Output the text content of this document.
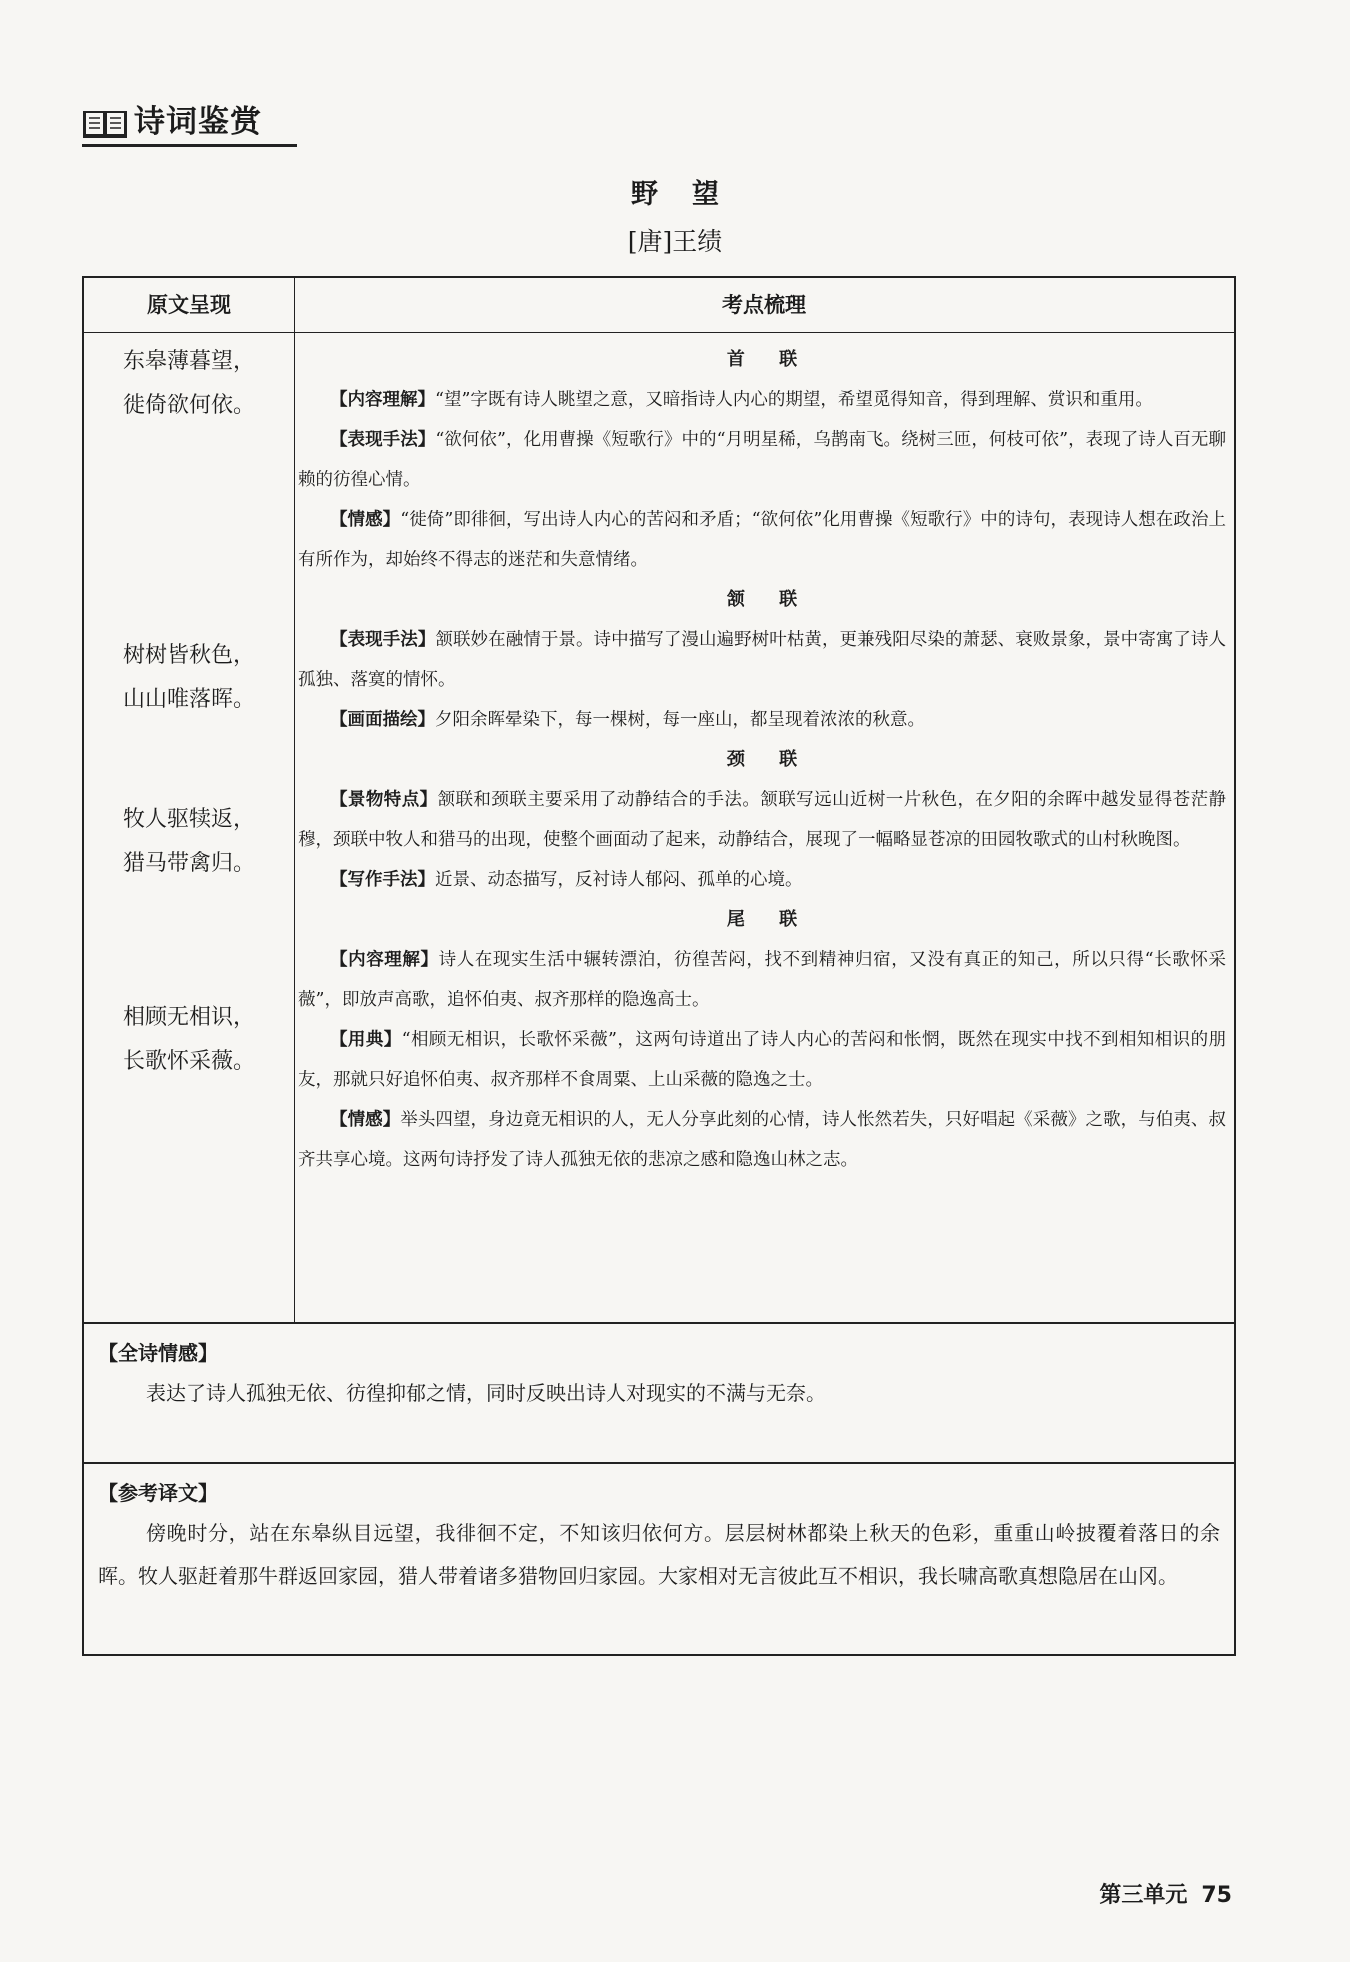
诗词鉴赏
野望
[唐]王绩
原文呈现	考点梳理
东皋薄暮望，
徙倚欲何依。
树树皆秋色，
山山唯落晖。
牧人驱犊返，
猎马带禽归。
相顾无相识，
长歌怀采薇。
首 联

【内容理解】“望”字既有诗人眺望之意，又暗指诗人内心的期望，希望觅得知音，得到理解、赏识和重用。

【表现手法】“欲何依”，化用曹操《短歌行》中的“月明星稀，乌鹊南飞。绕树三匝，何枝可依”，表现了诗人百无聊赖的彷徨心情。

【情感】“徙倚”即徘徊，写出诗人内心的苦闷和矛盾；“欲何依”化用曹操《短歌行》中的诗句，表现诗人想在政治上有所作为，却始终不得志的迷茫和失意情绪。

颔 联

【表现手法】颔联妙在融情于景。诗中描写了漫山遍野树叶枯黄，更兼残阳尽染的萧瑟、衰败景象，景中寄寓了诗人孤独、落寞的情怀。

【画面描绘】夕阳余晖晕染下，每一棵树，每一座山，都呈现着浓浓的秋意。

颈 联

【景物特点】颔联和颈联主要采用了动静结合的手法。颔联写远山近树一片秋色，在夕阳的余晖中越发显得苍茫静穆，颈联中牧人和猎马的出现，使整个画面动了起来，动静结合，展现了一幅略显苍凉的田园牧歌式的山村秋晚图。

【写作手法】近景、动态描写，反衬诗人郁闷、孤单的心境。

尾 联

【内容理解】诗人在现实生活中辗转漂泊，彷徨苦闷，找不到精神归宿，又没有真正的知己，所以只得“长歌怀采薇”，即放声高歌，追怀伯夷、叔齐那样的隐逸高士。

【用典】“相顾无相识，长歌怀采薇”，这两句诗道出了诗人内心的苦闷和怅惘，既然在现实中找不到相知相识的朋友，那就只好追怀伯夷、叔齐那样不食周粟、上山采薇的隐逸之士。

【情感】举头四望，身边竟无相识的人，无人分享此刻的心情，诗人怅然若失，只好唱起《采薇》之歌，与伯夷、叔齐共享心境。这两句诗抒发了诗人孤独无依的悲凉之感和隐逸山林之志。

【全诗情感】
表达了诗人孤独无依、彷徨抑郁之情，同时反映出诗人对现实的不满与无奈。
【参考译文】
傍晚时分，站在东皋纵目远望，我徘徊不定，不知该归依何方。层层树林都染上秋天的色彩，重重山岭披覆着落日的余晖。牧人驱赶着那牛群返回家园，猎人带着诸多猎物回归家园。大家相对无言彼此互不相识，我长啸高歌真想隐居在山冈。
第三单元 75
